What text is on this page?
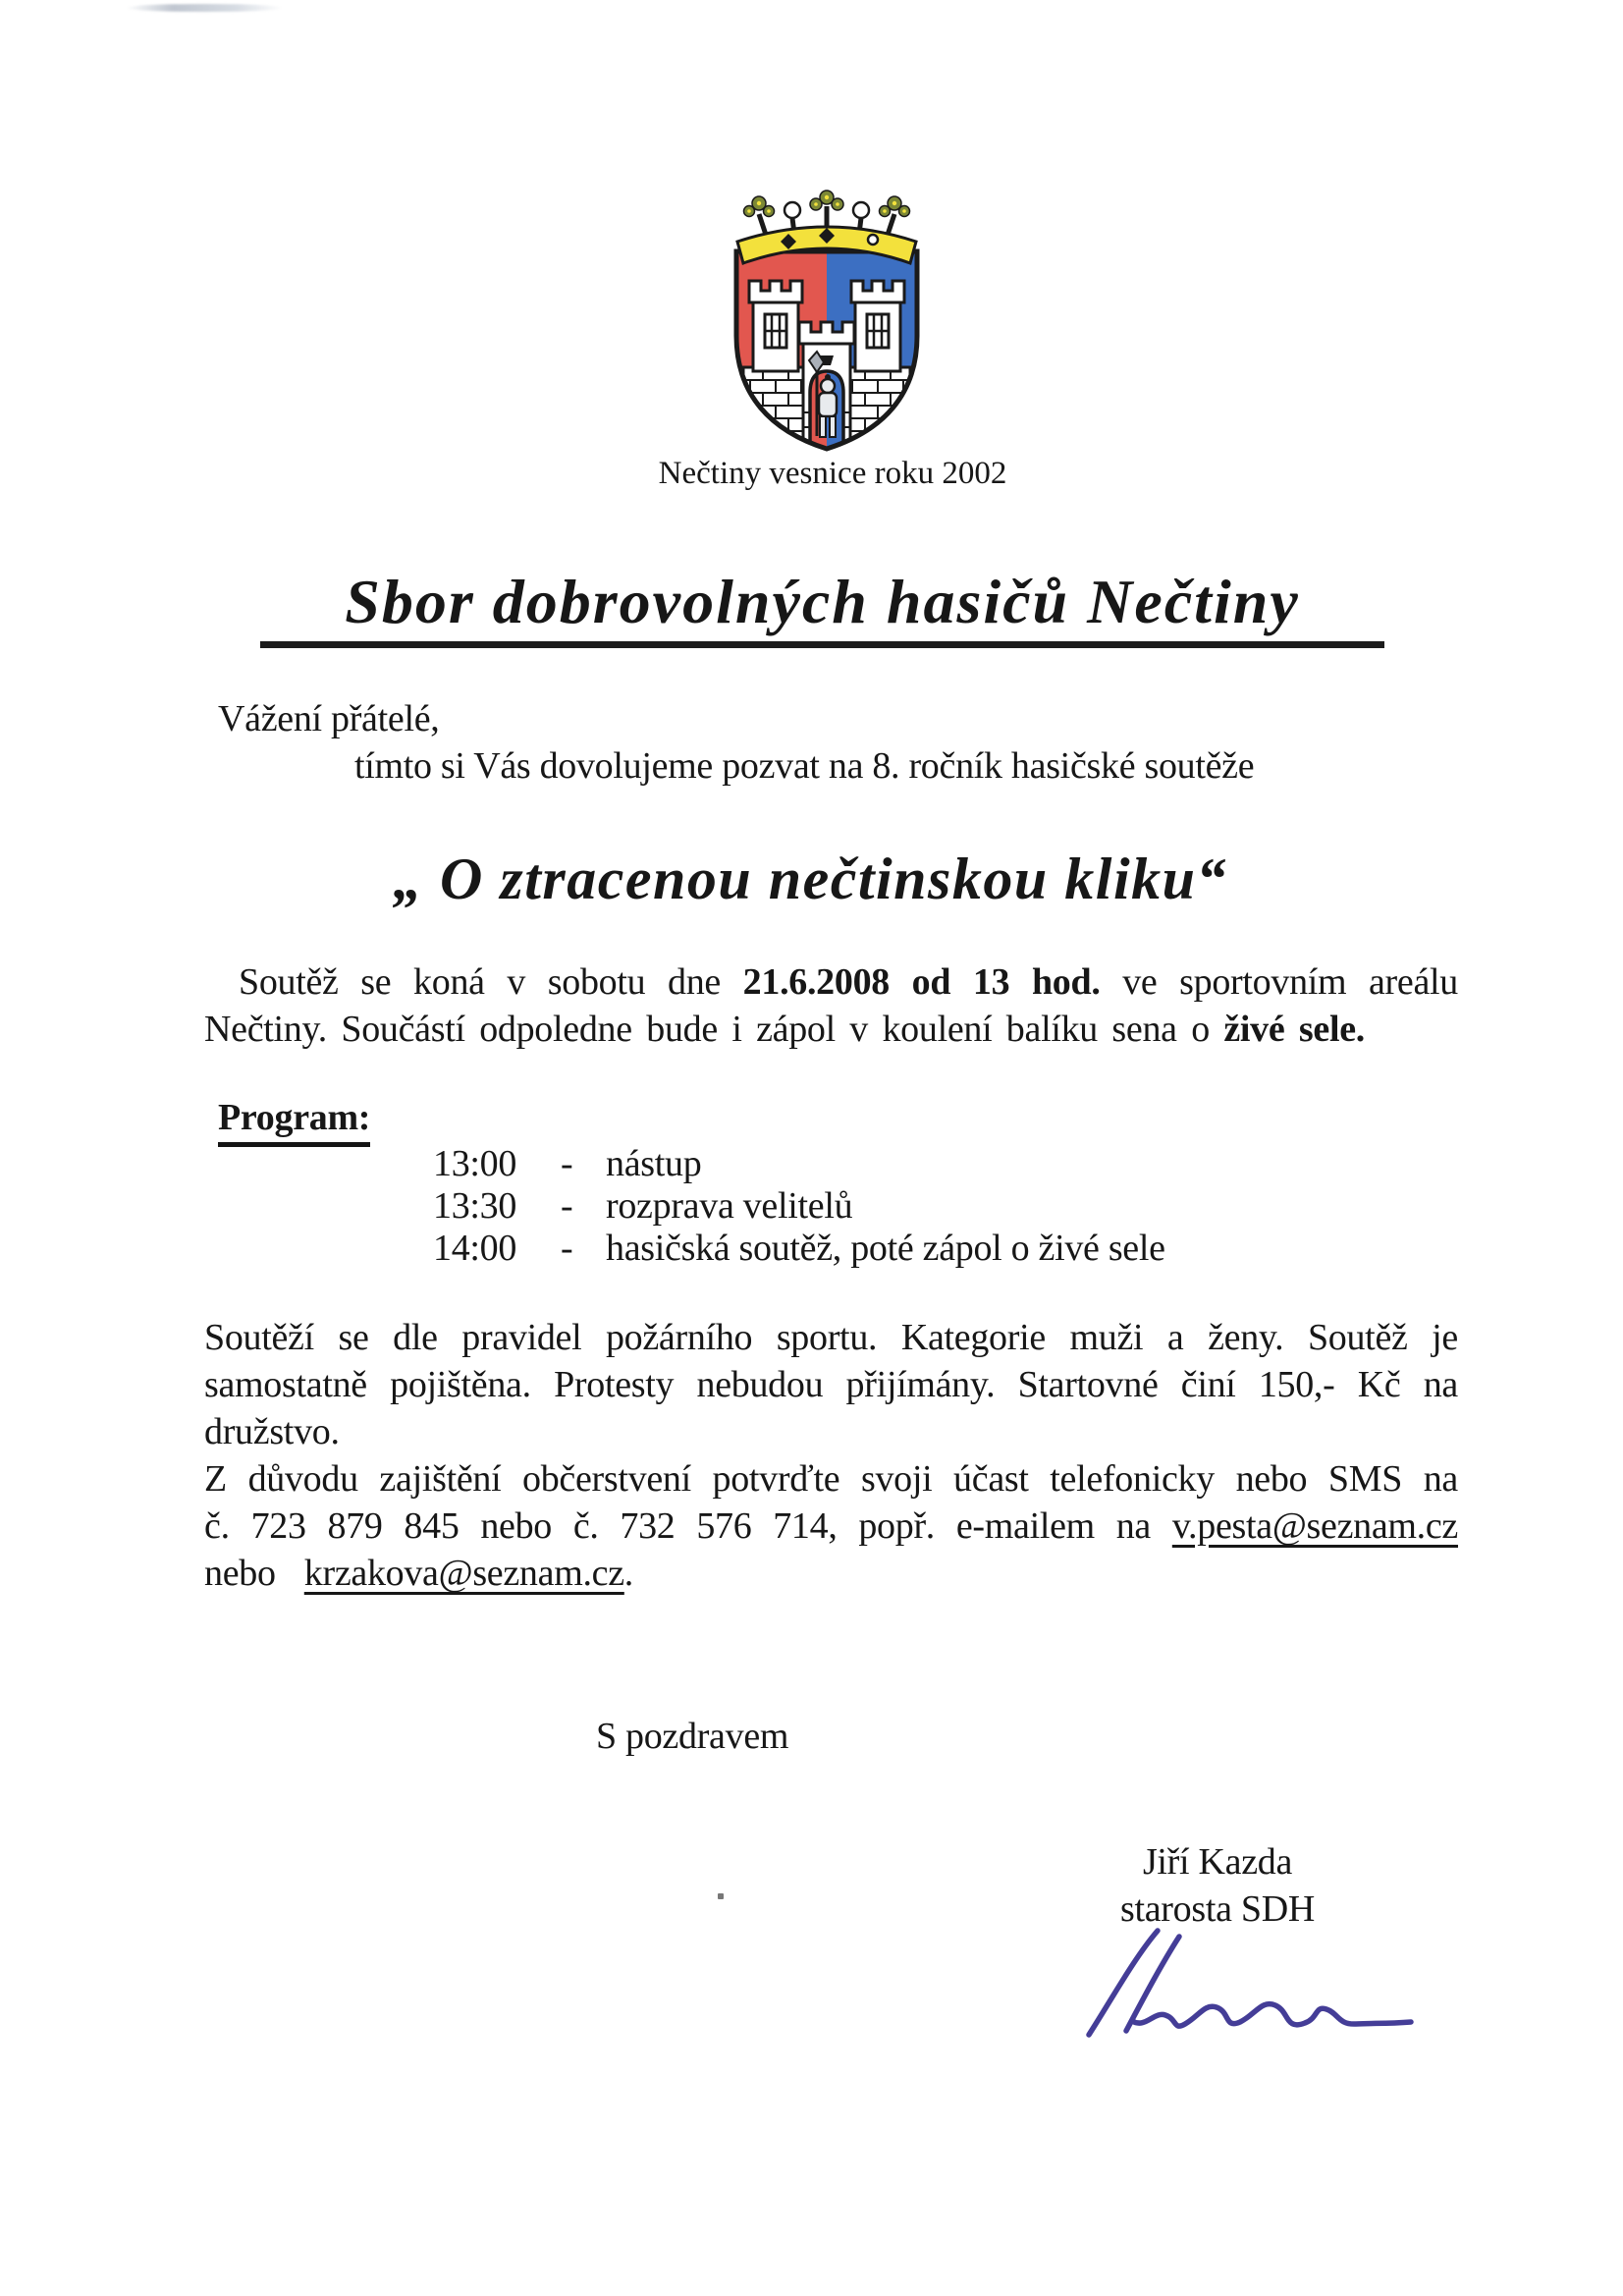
Nečtiny vesnice roku 2002
Sbor dobrovolných hasičů Nečtiny
Vážení přátelé,
tímto si Vás dovolujeme pozvat na 8. ročník hasičské soutěže
„ O ztracenou nečtinskou kliku“
Soutěž se koná v sobotu dne 21.6.2008 od 13 hod. ve sportovním areálu
Nečtiny. Součástí odpoledne bude i zápol v koulení balíku sena o živé sele.
Program:
13:00 - nástup
13:30 - rozprava velitelů
14:00 - hasičská soutěž, poté zápol o živé sele
Soutěží se dle pravidel požárního sportu. Kategorie muži a ženy. Soutěž je
samostatně pojištěna. Protesty nebudou přijímány. Startovné činí 150,- Kč na
družstvo.
Z důvodu zajištění občerstvení potvrďte svoji účast telefonicky nebo SMS na
č. 723 879 845 nebo č. 732 576 714, popř. e-mailem na v.pesta@seznam.cz
nebo krzakova@seznam.cz.
S pozdravem
Jiří Kazda
starosta SDH
